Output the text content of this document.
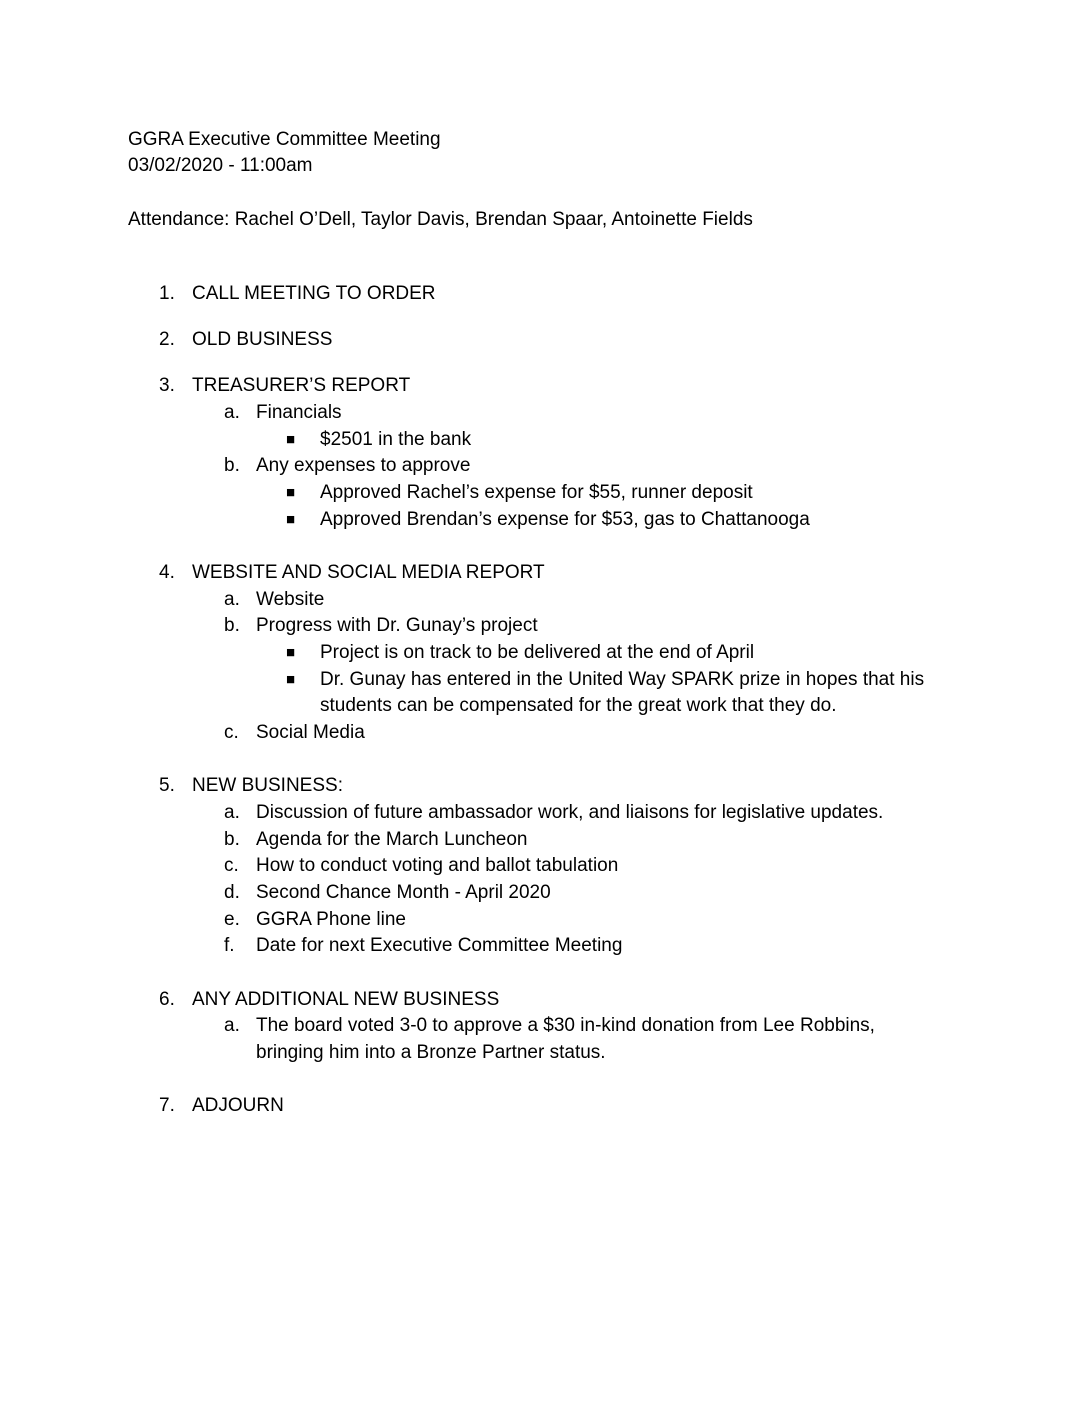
GGRA Executive Committee Meeting
03/02/2020 - 11:00am
Attendance: Rachel O’Dell, Taylor Davis, Brendan Spaar, Antoinette Fields
1. CALL MEETING TO ORDER
2. OLD BUSINESS
3. TREASURER’S REPORT
a. Financials
■ $2501 in the bank
b. Any expenses to approve
■ Approved Rachel’s expense for $55, runner deposit
■ Approved Brendan’s expense for $53, gas to Chattanooga
4. WEBSITE AND SOCIAL MEDIA REPORT
a. Website
b. Progress with Dr. Gunay’s project
■ Project is on track to be delivered at the end of April
■ Dr. Gunay has entered in the United Way SPARK prize in hopes that his
students can be compensated for the great work that they do.
c. Social Media
5. NEW BUSINESS:
a. Discussion of future ambassador work, and liaisons for legislative updates.
b. Agenda for the March Luncheon
c. How to conduct voting and ballot tabulation
d. Second Chance Month - April 2020
e. GGRA Phone line
f. Date for next Executive Committee Meeting
6. ANY ADDITIONAL NEW BUSINESS
a. The board voted 3-0 to approve a $30 in-kind donation from Lee Robbins,
bringing him into a Bronze Partner status.
7. ADJOURN
